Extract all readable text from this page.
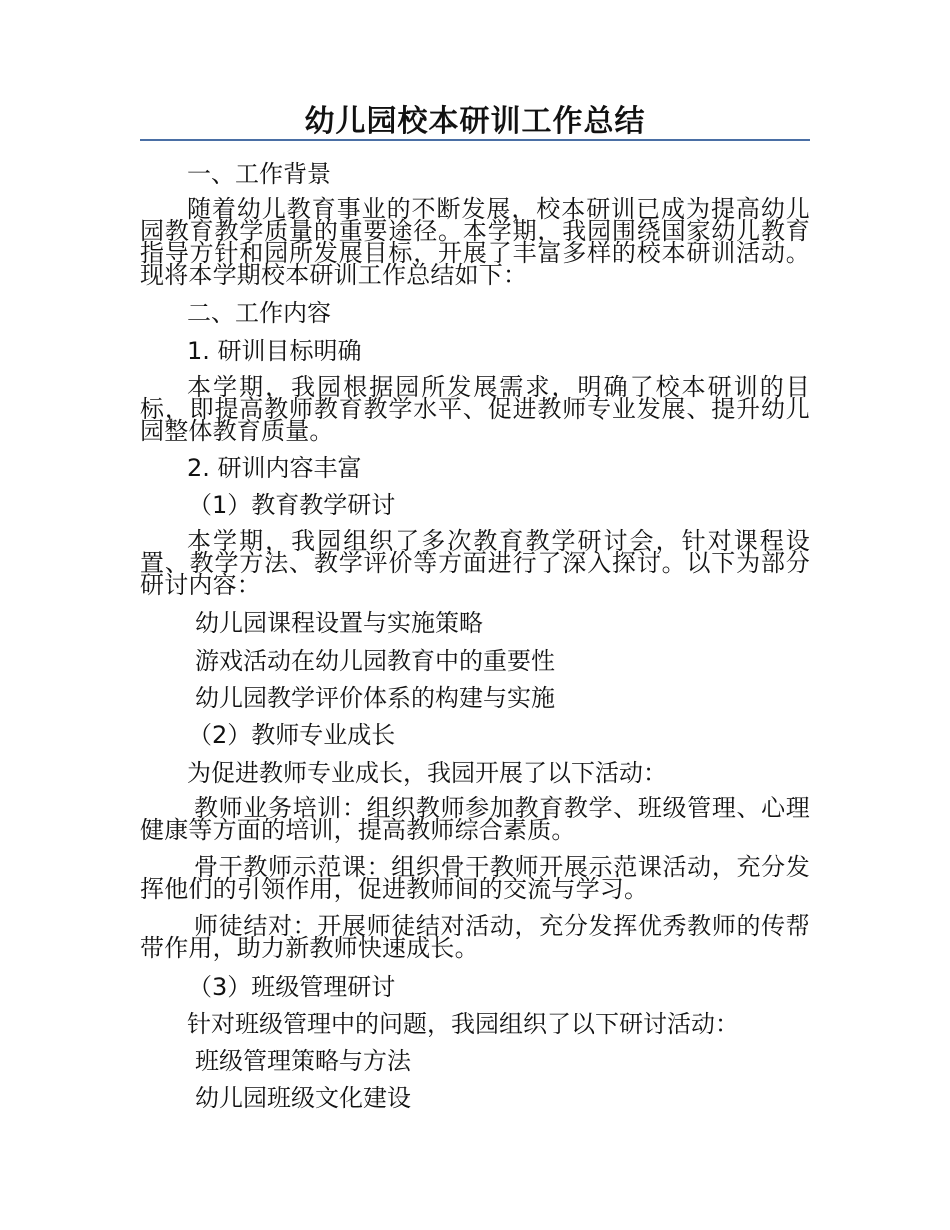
幼儿园校本研训工作总结
一、工作背景
随着幼儿教育事业的不断发展，校本研训已成为提高幼儿园教育教学质量的重要途径。本学期，我园围绕国家幼儿教育指导方针和园所发展目标，开展了丰富多样的校本研训活动。现将本学期校本研训工作总结如下：
二、工作内容
1. 研训目标明确
本学期，我园根据园所发展需求，明确了校本研训的目标，即提高教师教育教学水平、促进教师专业发展、提升幼儿园整体教育质量。
2. 研训内容丰富
（1）教育教学研讨
本学期，我园组织了多次教育教学研讨会，针对课程设置、教学方法、教学评价等方面进行了深入探讨。以下为部分研讨内容：
幼儿园课程设置与实施策略
游戏活动在幼儿园教育中的重要性
幼儿园教学评价体系的构建与实施
（2）教师专业成长
为促进教师专业成长，我园开展了以下活动：
教师业务培训：组织教师参加教育教学、班级管理、心理健康等方面的培训，提高教师综合素质。
骨干教师示范课：组织骨干教师开展示范课活动，充分发挥他们的引领作用，促进教师间的交流与学习。
师徒结对：开展师徒结对活动，充分发挥优秀教师的传帮带作用，助力新教师快速成长。
（3）班级管理研讨
针对班级管理中的问题，我园组织了以下研讨活动：
班级管理策略与方法
幼儿园班级文化建设
